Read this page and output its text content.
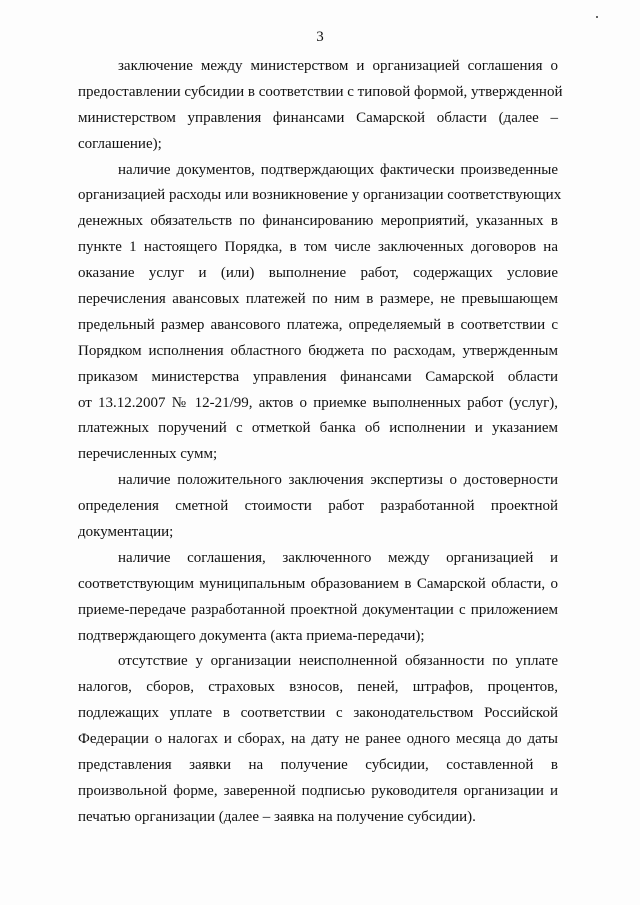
3
заключение между министерством и организацией соглашения о
предоставлении субсидии в соответствии с типовой формой, утвержденной
министерством управления финансами Самарской области (далее –
соглашение);
наличие документов, подтверждающих фактически произведенные
организацией расходы или возникновение у организации соответствующих
денежных обязательств по финансированию мероприятий, указанных в
пункте 1 настоящего Порядка, в том числе заключенных договоров на
оказание услуг и (или) выполнение работ, содержащих условие
перечисления авансовых платежей по ним в размере, не превышающем
предельный размер авансового платежа, определяемый в соответствии с
Порядком исполнения областного бюджета по расходам, утвержденным
приказом министерства управления финансами Самарской области
от 13.12.2007 № 12-21/99, актов о приемке выполненных работ (услуг),
платежных поручений с отметкой банка об исполнении и указанием
перечисленных сумм;
наличие положительного заключения экспертизы о достоверности
определения сметной стоимости работ разработанной проектной
документации;
наличие соглашения, заключенного между организацией и
соответствующим муниципальным образованием в Самарской области, о
приеме-передаче разработанной проектной документации с приложением
подтверждающего документа (акта приема-передачи);
отсутствие у организации неисполненной обязанности по уплате
налогов, сборов, страховых взносов, пеней, штрафов, процентов,
подлежащих уплате в соответствии с законодательством Российской
Федерации о налогах и сборах, на дату не ранее одного месяца до даты
представления заявки на получение субсидии, составленной в
произвольной форме, заверенной подписью руководителя организации и
печатью организации (далее – заявка на получение субсидии).
